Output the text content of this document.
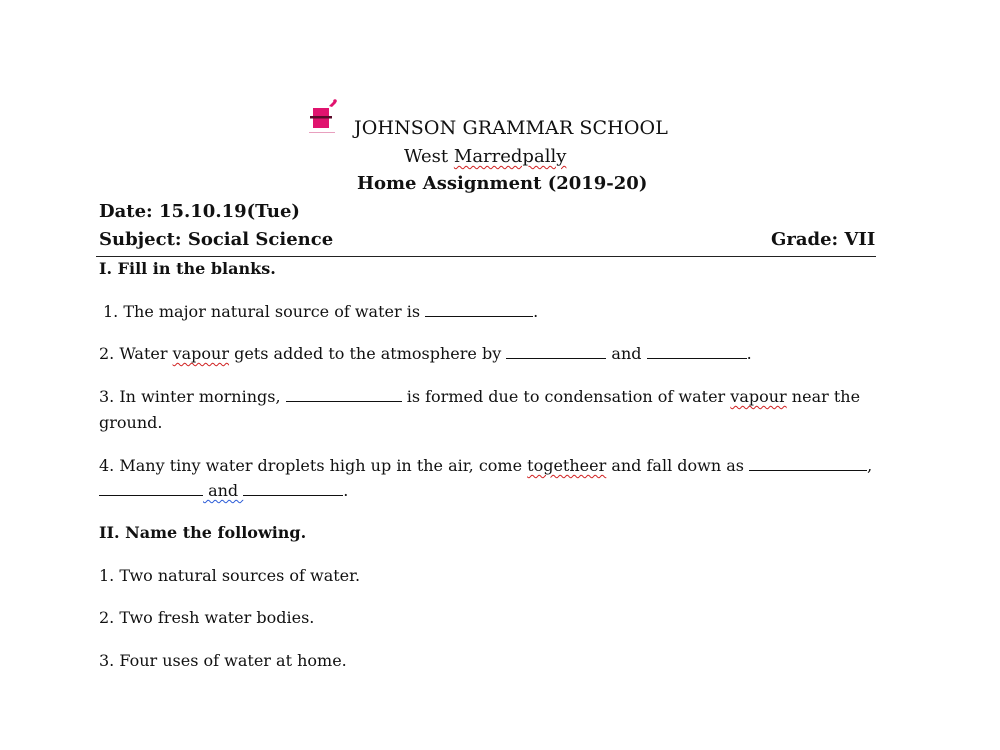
JOHNSON GRAMMAR SCHOOL
West Marredpally
Home Assignment (2019-20)
Date: 15.10.19(Tue)
Subject: Social Science	Grade: VII
I. Fill in the blanks.
1. The major natural source of water is	.
2. Water vapour gets added to the atmosphere by	and	.
3. In winter mornings,	is formed due to condensation of water vapour near the
ground.
4. Many tiny water droplets high up in the air, come togetheer and fall down as	,
and	.
II. Name the following.
1. Two natural sources of water.
2. Two fresh water bodies.
3. Four uses of water at home.
